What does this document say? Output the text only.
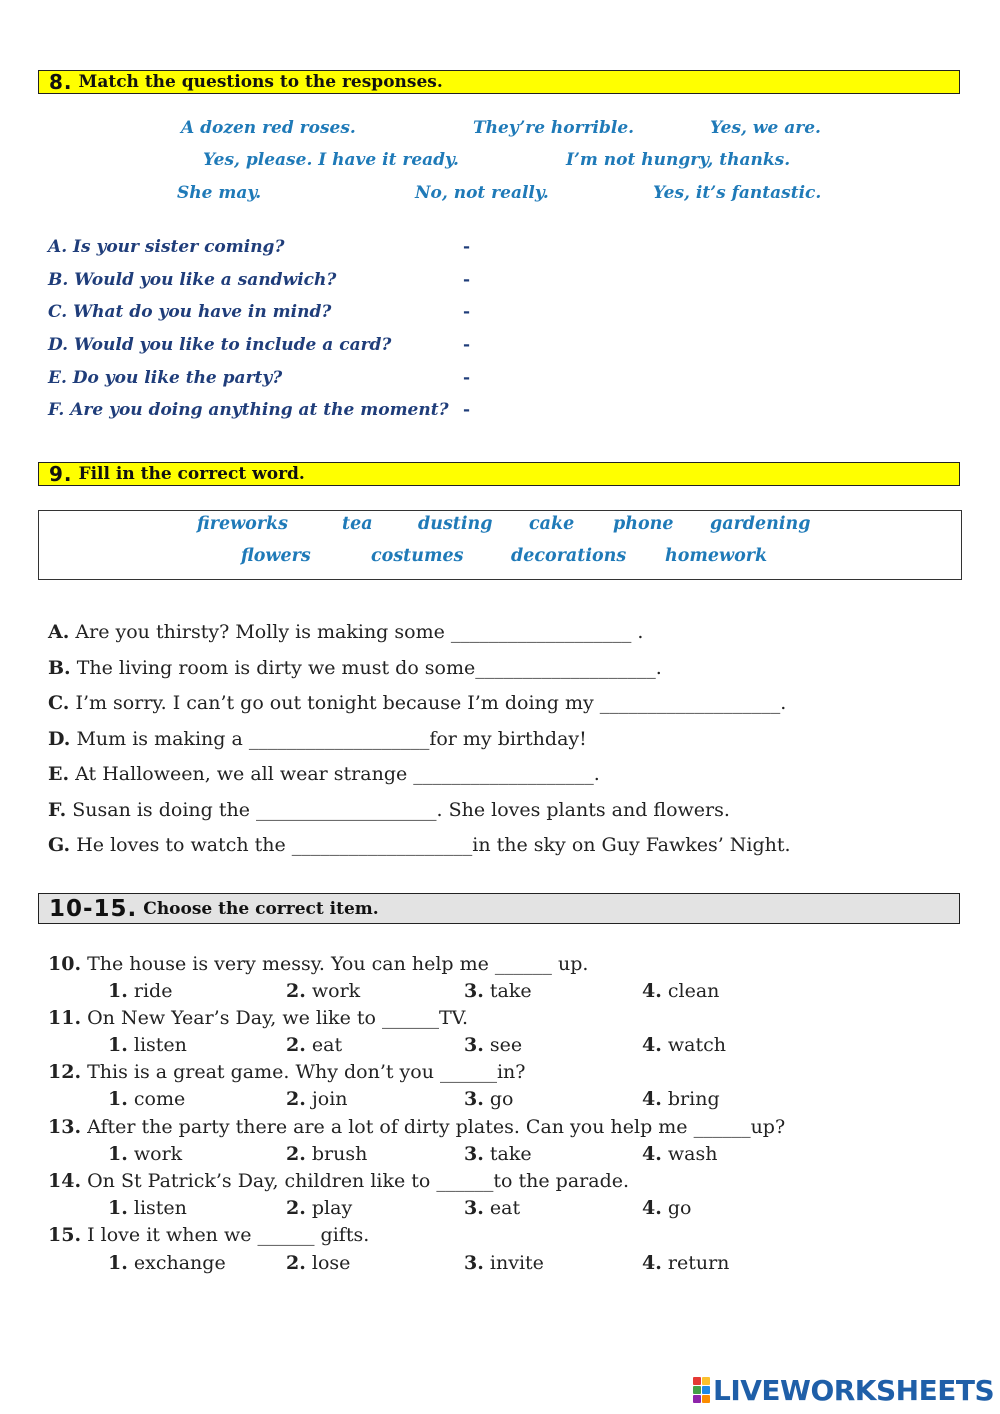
8. Match the questions to the responses.
A dozen red roses.	They’re horrible.	Yes, we are.
Yes, please. I have it ready.	I’m not hungry, thanks.
She may.	No, not really.	Yes, it’s fantastic.
A. Is your sister coming?	-
B. Would you like a sandwich?	-
C. What do you have in mind?	-
D. Would you like to include a card?	-
E. Do you like the party?	-
F. Are you doing anything at the moment? -
9. Fill in the correct word.
fireworks	tea	dusting cake phone gardening
flowers	costumes	decorations homework
A. Are you thirsty? Molly is making some ___________________ .
B. The living room is dirty we must do some___________________.
C. I’m sorry. I can’t go out tonight because I’m doing my ___________________.
D. Mum is making a ___________________for my birthday!
E. At Halloween, we all wear strange ___________________.
F. Susan is doing the ___________________. She loves plants and flowers.
G. He loves to watch the ___________________in the sky on Guy Fawkes’ Night.
10-15. Choose the correct item.
10. The house is very messy. You can help me ______ up.
1. ride	2. work	3. take	4. clean
11. On New Year’s Day, we like to ______TV.
1. listen	2. eat	3. see	4. watch
12. This is a great game. Why don’t you ______in?
1. come	2. join	3. go	4. bring
13. After the party there are a lot of dirty plates. Can you help me ______up?
1. work	2. brush	3. take	4. wash
14. On St Patrick’s Day, children like to ______to the parade.
1. listen	2. play	3. eat	4. go
15. I love it when we ______ gifts.
1. exchange	2. lose	3. invite	4. return
LIVEWORKSHEETS
